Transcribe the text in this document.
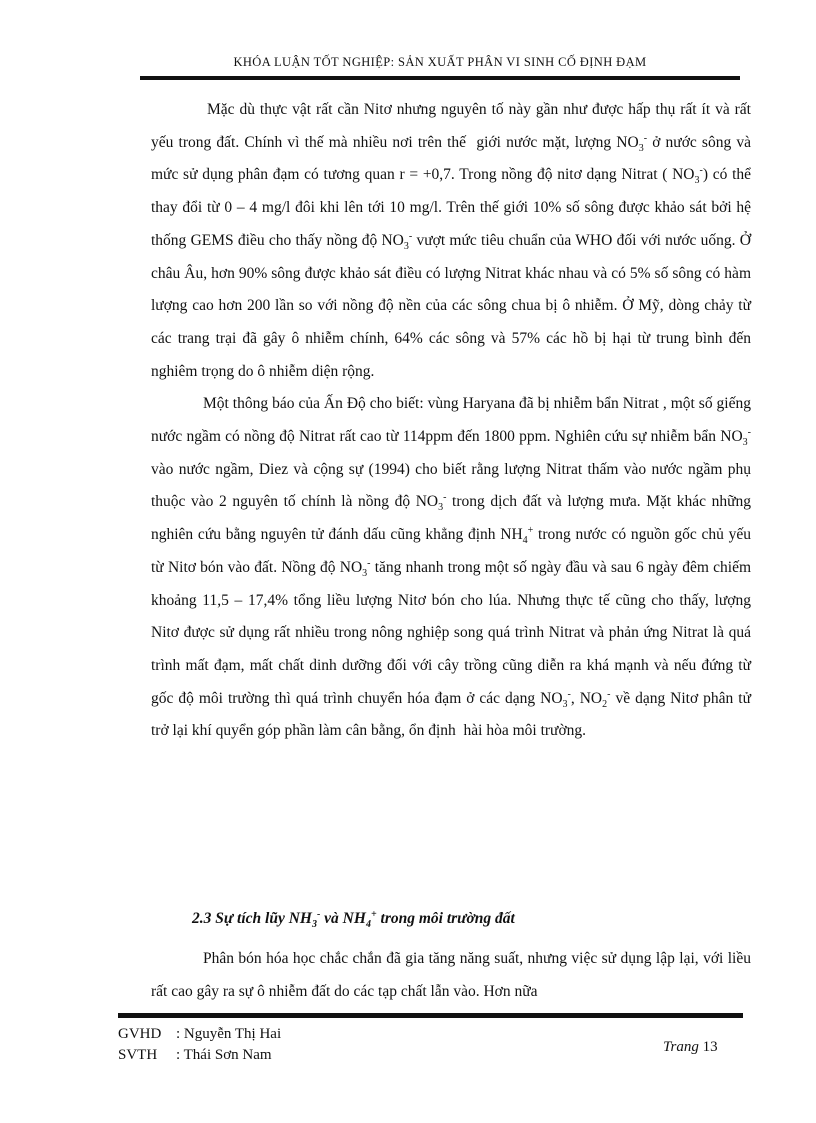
KHÓA LUẬN TỐT NGHIỆP: SẢN XUẤT PHÂN VI SINH CỐ ĐỊNH ĐẠM

Mặc dù thực vật rất cần Nitơ nhưng nguyên tố này gần như được hấp thụ rất ít và rất yếu trong đất. Chính vì thế mà nhiều nơi trên thế  giới nước mặt, lượng $NO_3^-$ ở nước sông và mức sử dụng phân đạm có tương quan r = +0,7. Trong nồng độ nitơ dạng Nitrat ( $NO_3^-$) có thể thay đổi từ 0 – 4 mg/l đôi khi lên tới 10 mg/l. Trên thế giới 10% số sông được khảo sát bởi hệ thống GEMS điều cho thấy nồng độ $NO_3^-$ vượt mức tiêu chuẩn của WHO đối với nước uống. Ở châu Âu, hơn 90% sông được khảo sát điều có lượng Nitrat khác nhau và có 5% số sông có hàm lượng cao hơn 200 lần so với nồng độ nền của các sông chua bị ô nhiễm. Ở Mỹ, dòng chảy từ các trang trại đã gây ô nhiễm chính, 64% các sông và 57% các hồ bị hại từ trung bình đến nghiêm trọng do ô nhiễm diện rộng.

Một thông báo của Ấn Độ cho biết: vùng Haryana đã bị nhiễm bẩn Nitrat , một số giếng nước ngầm có nồng độ Nitrat rất cao từ 114ppm đến 1800 ppm. Nghiên cứu sự nhiễm bẩn $NO_3^-$ vào nước ngầm, Diez và cộng sự (1994) cho biết rằng lượng Nitrat thấm vào nước ngầm phụ thuộc vào 2 nguyên tố chính là nồng độ $NO_3^-$ trong dịch đất và lượng mưa. Mặt khác những nghiên cứu bằng nguyên tử đánh dấu cũng khẳng định $NH_4^+$ trong nước có nguồn gốc chủ yếu từ Nitơ bón vào đất. Nồng độ $NO_3^-$ tăng nhanh trong một số ngày đầu và sau 6 ngày đêm chiếm khoảng 11,5 – 17,4% tổng liều lượng Nitơ bón cho lúa. Nhưng thực tế cũng cho thấy, lượng Nitơ được sử dụng rất nhiều trong nông nghiệp song quá trình Nitrat và phản ứng Nitrat là quá trình mất đạm, mất chất dinh dưỡng đối với cây trồng cũng diễn ra khá mạnh và nếu đứng từ gốc độ môi trường thì quá trình chuyển hóa đạm ở các dạng $NO_3^-$, $NO_2^-$ về dạng Nitơ phân tử trở lại khí quyển góp phần làm cân bằng, ổn định  hài hòa môi trường.

2.3 Sự tích lũy $NH_3^-$ và $NH_4^+$ trong môi trường đất

Phân bón hóa học chắc chắn đã gia tăng năng suất, nhưng việc sử dụng lập lại, với liều rất cao gây ra sự ô nhiễm đất do các tạp chất lẫn vào. Hơn nữa

GVHD : Nguyễn Thị Hai
SVTH : Thái Sơn Nam	Trang 13
